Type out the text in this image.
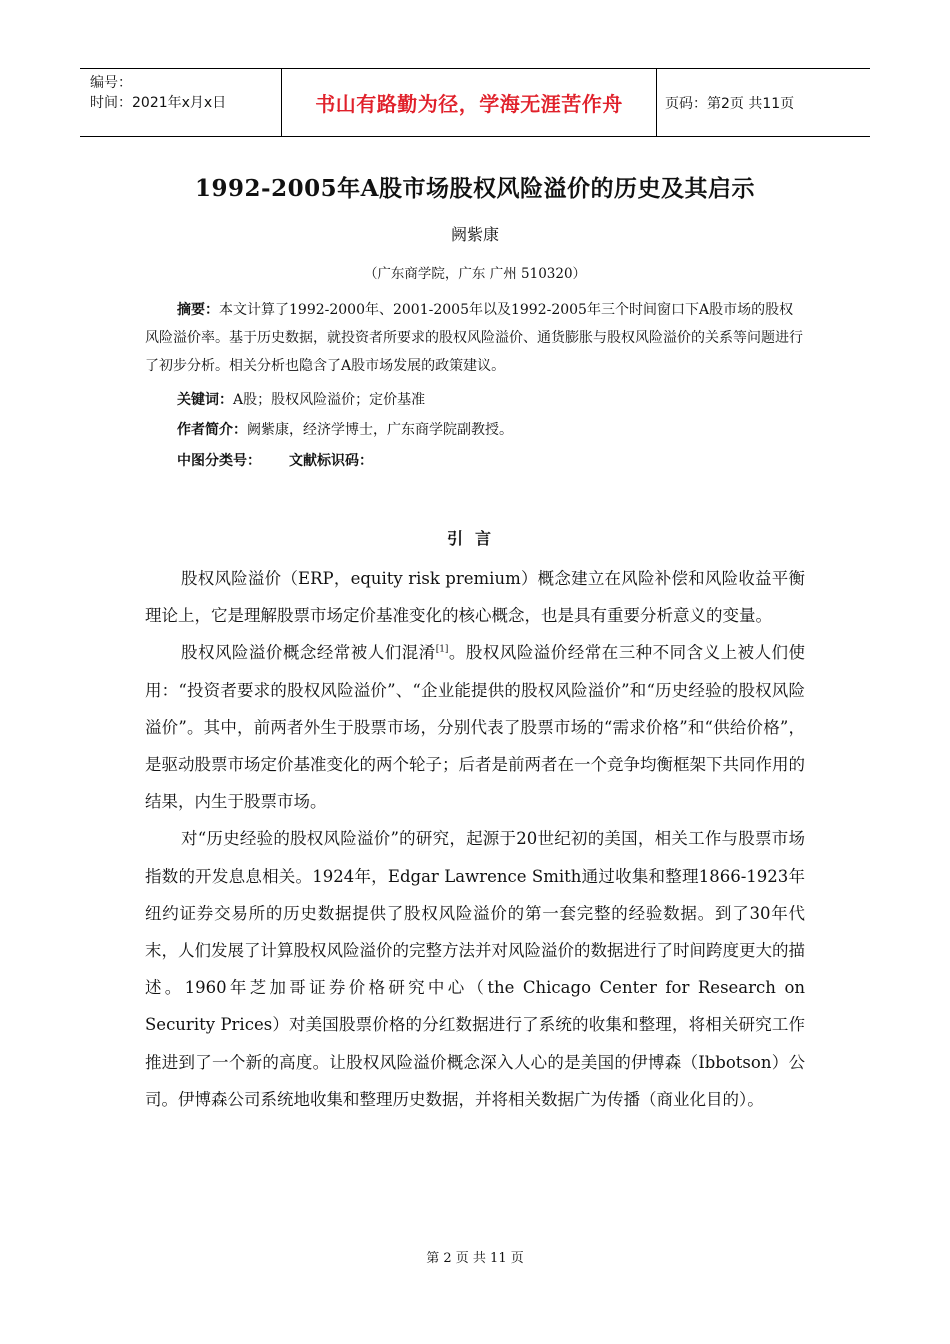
编号：
时间：2021年x月x日	书山有路勤为径，学海无涯苦作舟	页码：第2页 共11页
1992-2005年A股市场股权风险溢价的历史及其启示
阙紫康
（广东商学院，广东 广州 510320）
摘要：本文计算了1992-2000年、2001-2005年以及1992-2005年三个时间窗口下A股市场的股权风险溢价率。基于历史数据，就投资者所要求的股权风险溢价、通货膨胀与股权风险溢价的关系等问题进行了初步分析。相关分析也隐含了A股市场发展的政策建议。
关键词：A股；股权风险溢价；定价基准
作者简介：阙紫康，经济学博士，广东商学院副教授。
中图分类号： 文献标识码：
引言

股权风险溢价（ERP，equity risk premium）概念建立在风险补偿和风险收益平衡理论上，它是理解股票市场定价基准变化的核心概念，也是具有重要分析意义的变量。

股权风险溢价概念经常被人们混淆[1]。股权风险溢价经常在三种不同含义上被人们使用：“投资者要求的股权风险溢价”、“企业能提供的股权风险溢价”和“历史经验的股权风险溢价”。其中，前两者外生于股票市场，分别代表了股票市场的“需求价格”和“供给价格”，是驱动股票市场定价基准变化的两个轮子；后者是前两者在一个竞争均衡框架下共同作用的结果，内生于股票市场。

对“历史经验的股权风险溢价”的研究，起源于20世纪初的美国，相关工作与股票市场指数的开发息息相关。1924年，Edgar Lawrence Smith通过收集和整理1866-1923年纽约证券交易所的历史数据提供了股权风险溢价的第一套完整的经验数据。到了30年代末，人们发展了计算股权风险溢价的完整方法并对风险溢价的数据进行了时间跨度更大的描述。1960年芝加哥证券价格研究中心（the Chicago Center for Research on Security Prices）对美国股票价格的分红数据进行了系统的收集和整理，将相关研究工作推进到了一个新的高度。让股权风险溢价概念深入人心的是美国的伊博森（Ibbotson）公司。伊博森公司系统地收集和整理历史数据，并将相关数据广为传播（商业化目的）。

第 2 页 共 11 页
